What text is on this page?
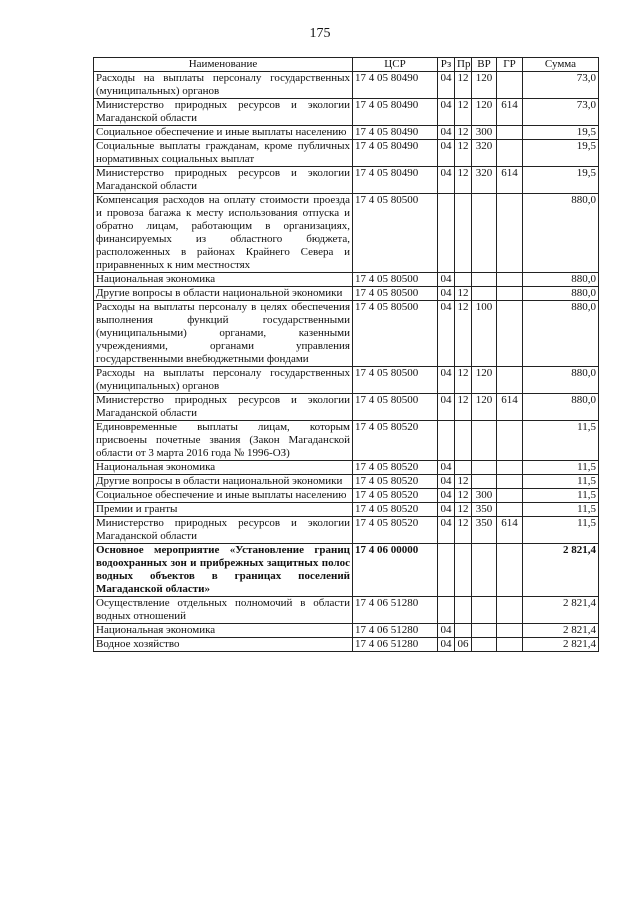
175
Наименование	ЦСР	Рз	Пр	ВР	ГР	Сумма
Расходы на выплаты персоналу государственных (муниципальных) органов	17 4 05 80490	04	12	120		73,0
Министерство природных ресурсов и экологии Магаданской области	17 4 05 80490	04	12	120	614	73,0
Социальное обеспечение и иные выплаты населению	17 4 05 80490	04	12	300		19,5
Социальные выплаты гражданам, кроме публичных нормативных социальных выплат	17 4 05 80490	04	12	320		19,5
Министерство природных ресурсов и экологии Магаданской области	17 4 05 80490	04	12	320	614	19,5
Компенсация расходов на оплату стоимости проезда и провоза багажа к месту использования отпуска и обратно лицам, работающим в организациях, финансируемых из областного бюджета, расположенных в районах Крайнего Севера и приравненных к ним местностях	17 4 05 80500					880,0
Национальная экономика	17 4 05 80500	04				880,0
Другие вопросы в области национальной экономики	17 4 05 80500	04	12			880,0
Расходы на выплаты персоналу в целях обеспечения выполнения функций государственными (муниципальными) органами, казенными учреждениями, органами управления государственными внебюджетными фондами	17 4 05 80500	04	12	100		880,0
Расходы на выплаты персоналу государственных (муниципальных) органов	17 4 05 80500	04	12	120		880,0
Министерство природных ресурсов и экологии Магаданской области	17 4 05 80500	04	12	120	614	880,0
Единовременные выплаты лицам, которым присвоены почетные звания (Закон Магаданской области от 3 марта 2016 года № 1996-ОЗ)	17 4 05 80520					11,5
Национальная экономика	17 4 05 80520	04				11,5
Другие вопросы в области национальной экономики	17 4 05 80520	04	12			11,5
Социальное обеспечение и иные выплаты населению	17 4 05 80520	04	12	300		11,5
Премии и гранты	17 4 05 80520	04	12	350		11,5
Министерство природных ресурсов и экологии Магаданской области	17 4 05 80520	04	12	350	614	11,5
Основное мероприятие «Установление границ водоохранных зон и прибрежных защитных полос водных объектов в границах поселений Магаданской области»	17 4 06 00000					2 821,4
Осуществление отдельных полномочий в области водных отношений	17 4 06 51280					2 821,4
Национальная экономика	17 4 06 51280	04				2 821,4
Водное хозяйство	17 4 06 51280	04	06			2 821,4
